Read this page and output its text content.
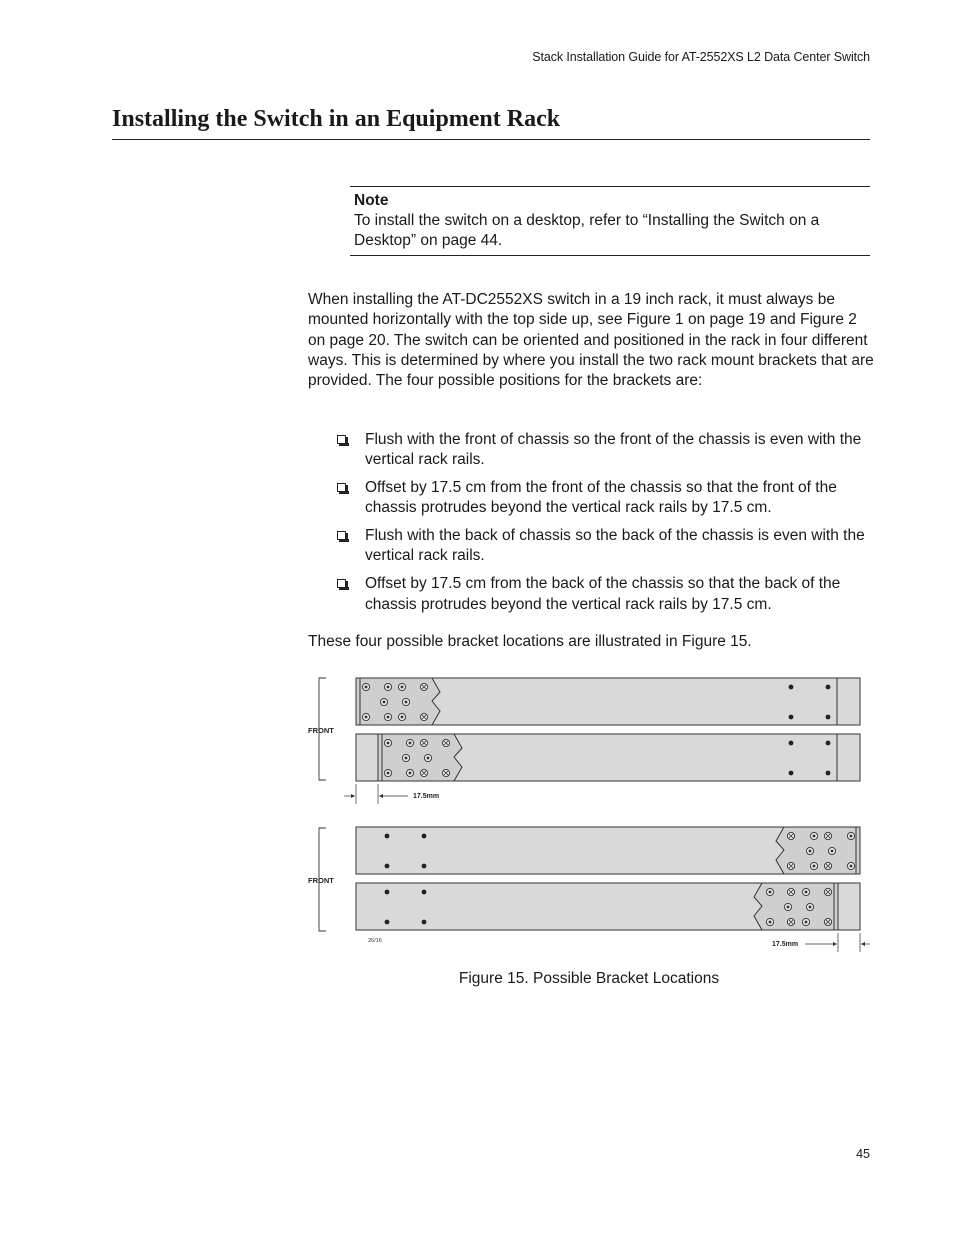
Stack Installation Guide for AT-2552XS L2 Data Center Switch
Installing the Switch in an Equipment Rack
Note
To install the switch on a desktop, refer to “Installing the Switch on a Desktop” on page 44.

When installing the AT-DC2552XS switch in a 19 inch rack, it must always be mounted horizontally with the top side up, see Figure 1 on page 19 and Figure 2 on page 20. The switch can be oriented and positioned in the rack in four different ways. This is determined by where you install the two rack mount brackets that are provided. The four possible positions for the brackets are:

Flush with the front of chassis so the front of the chassis is even with the vertical rack rails.
Offset by 17.5 cm from the front of the chassis so that the front of the chassis protrudes beyond the vertical rack rails by 17.5 cm.
Flush with the back of chassis so the back of the chassis is even with the vertical rack rails.
Offset by 17.5 cm from the back of the chassis so that the back of the chassis protrudes beyond the vertical rack rails by 17.5 cm.

These four possible bracket locations are illustrated in Figure 15.

FRONT
17.5mm
FRONT
17.5mm
26/16
Figure 15. Possible Bracket Locations
45
